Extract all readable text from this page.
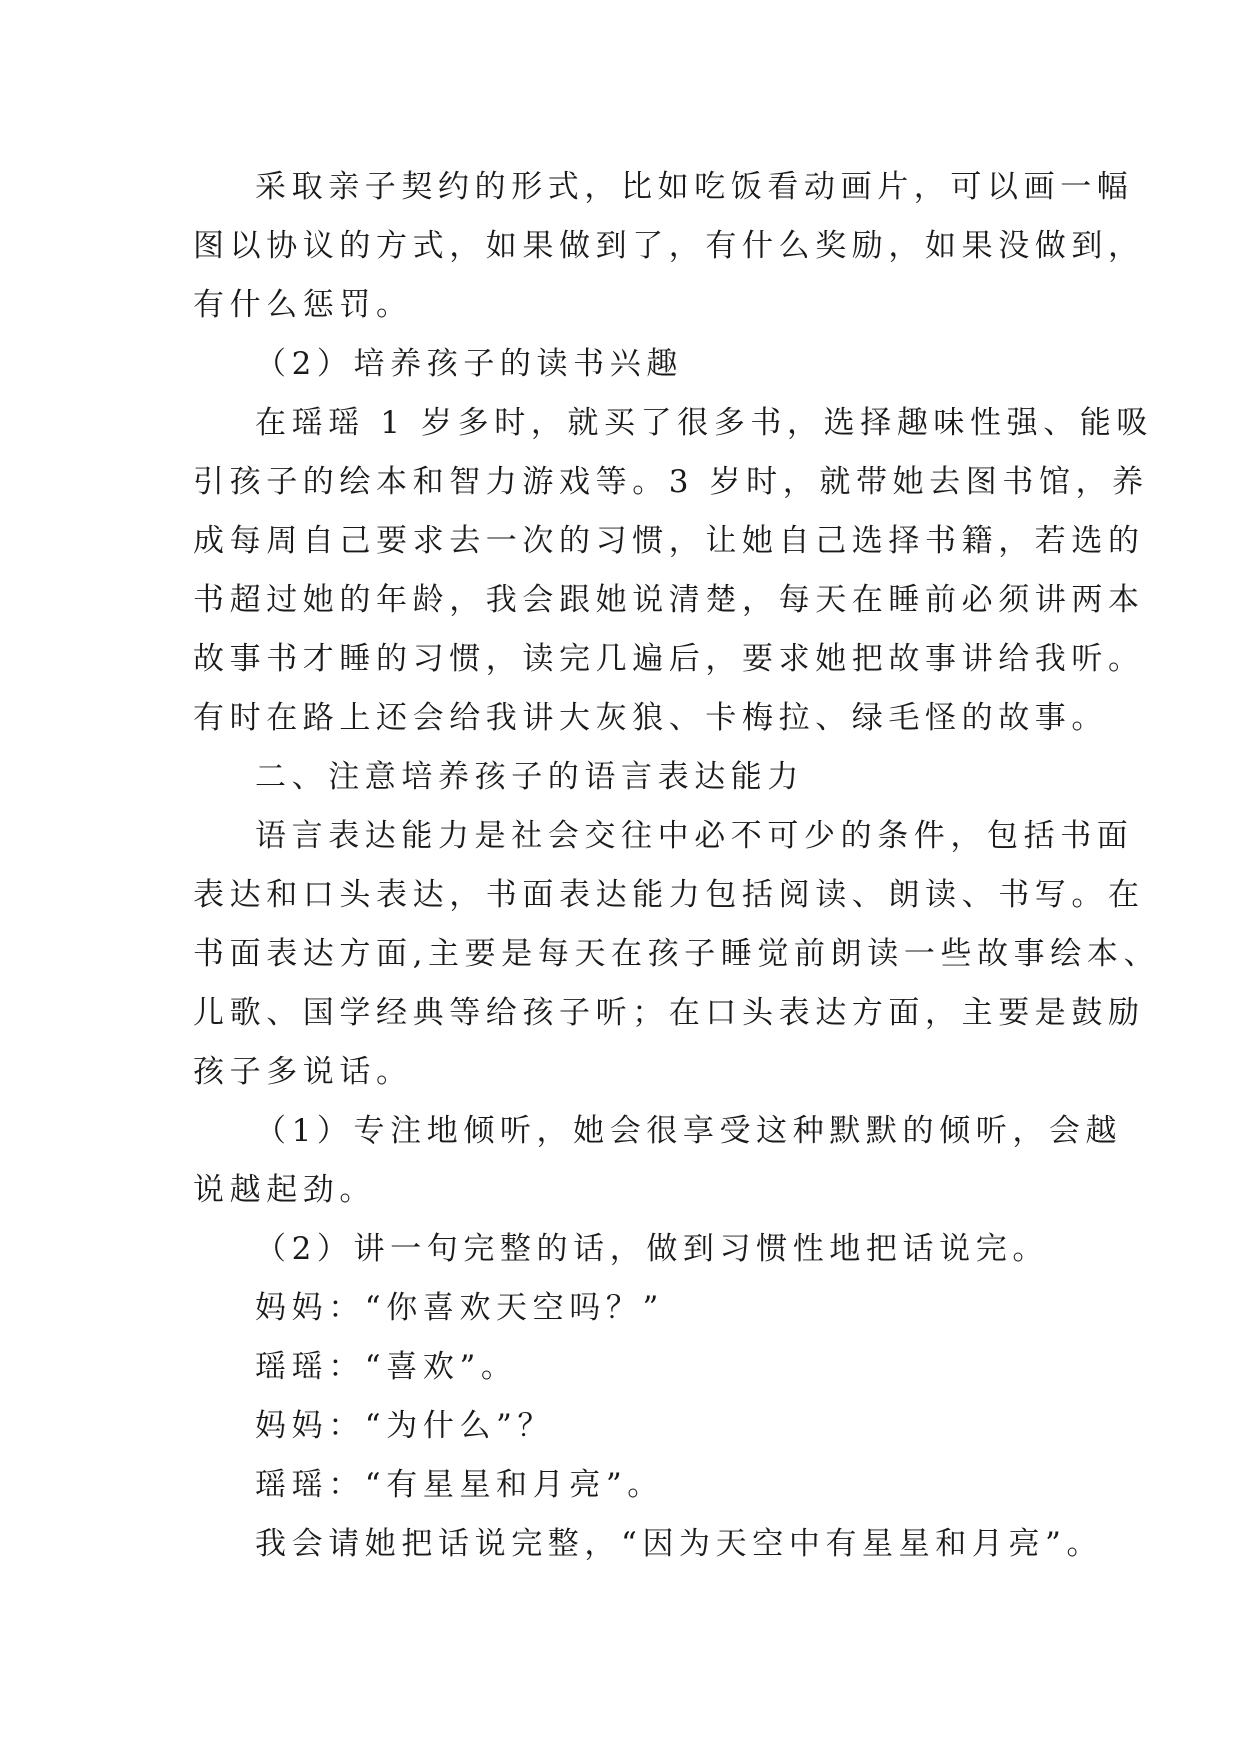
采取亲子契约的形式，比如吃饭看动画片，可以画一幅
图以协议的方式，如果做到了，有什么奖励，如果没做到，
有什么惩罚。
（2）培养孩子的读书兴趣
在瑶瑶 1 岁多时，就买了很多书，选择趣味性强、能吸
引孩子的绘本和智力游戏等。3 岁时，就带她去图书馆，养
成每周自己要求去一次的习惯，让她自己选择书籍，若选的
书超过她的年龄，我会跟她说清楚，每天在睡前必须讲两本
故事书才睡的习惯，读完几遍后，要求她把故事讲给我听。
有时在路上还会给我讲大灰狼、卡梅拉、绿毛怪的故事。
二、注意培养孩子的语言表达能力
语言表达能力是社会交往中必不可少的条件，包括书面
表达和口头表达，书面表达能力包括阅读、朗读、书写。在
书面表达方面,主要是每天在孩子睡觉前朗读一些故事绘本、
儿歌、国学经典等给孩子听；在口头表达方面，主要是鼓励
孩子多说话。
（1）专注地倾听，她会很享受这种默默的倾听，会越
说越起劲。
（2）讲一句完整的话，做到习惯性地把话说完。
妈妈：“你喜欢天空吗？”
瑶瑶：“喜欢”。
妈妈：“为什么”？
瑶瑶：“有星星和月亮”。
我会请她把话说完整，“因为天空中有星星和月亮”。
